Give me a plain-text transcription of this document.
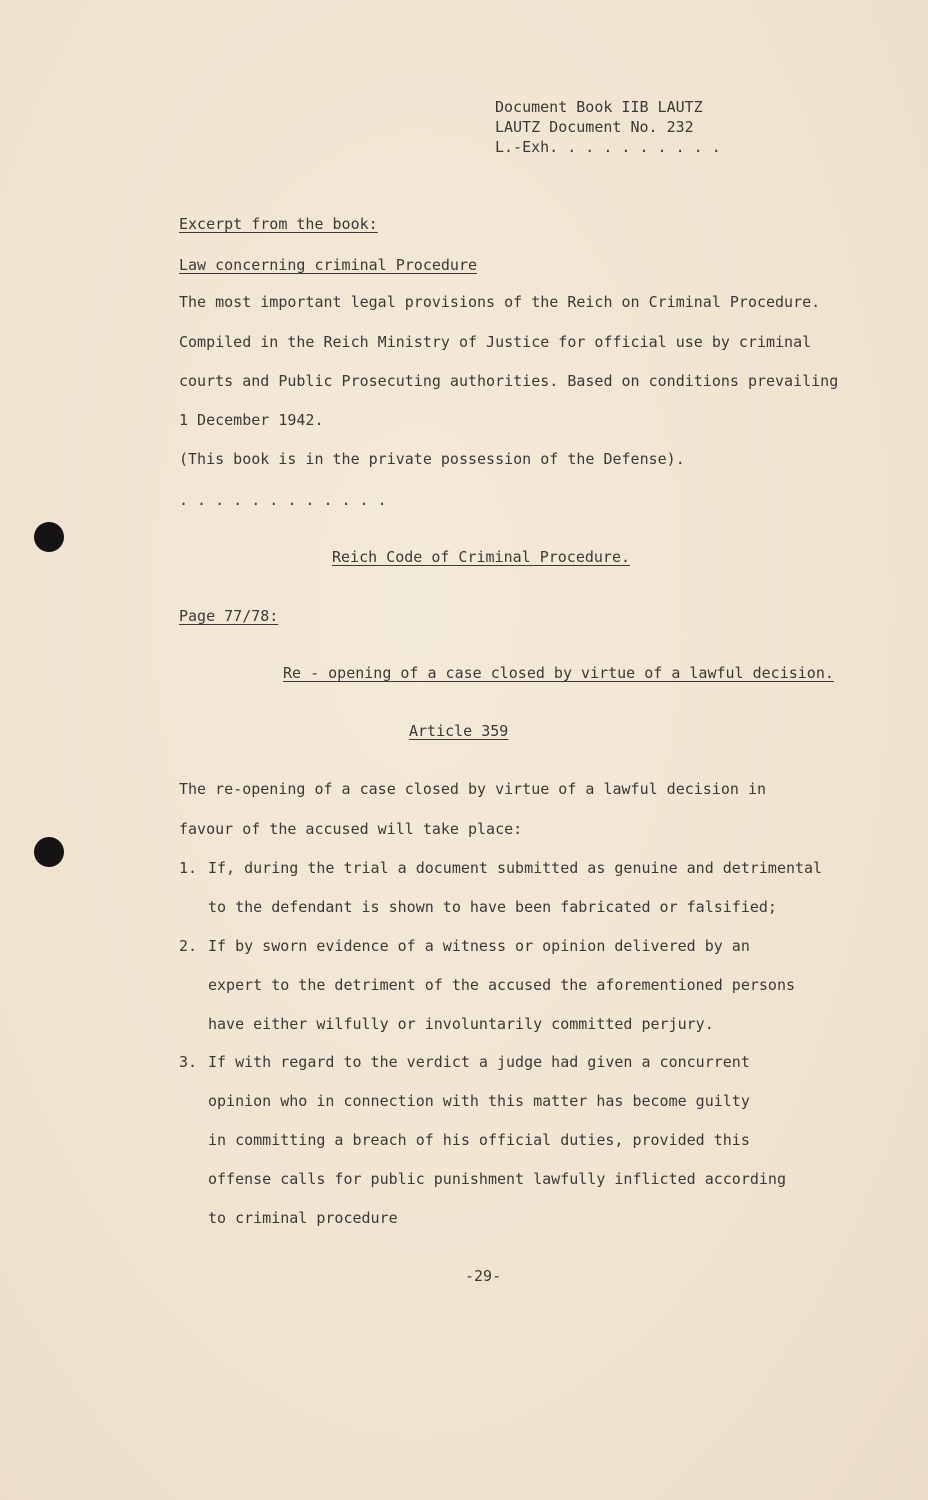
Document Book IIB LAUTZ
LAUTZ Document No. 232
L.-Exh. . . . . . . . . .
Excerpt from the book:
Law concerning criminal Procedure
The most important legal provisions of the Reich on Criminal Procedure.
Compiled in the Reich Ministry of Justice for official use by criminal
courts and Public Prosecuting authorities. Based on conditions prevailing
1 December 1942.
(This book is in the private possession of the Defense).
. . . . . . . . . . . .
Reich Code of Criminal Procedure.
Page 77/78:
Re - opening of a case closed by virtue of a lawful decision.
Article 359
The re-opening of a case closed by virtue of a lawful decision in
favour of the accused will take place:
1. If, during the trial a document submitted as genuine and detrimental
to the defendant is shown to have been fabricated or falsified;
2. If by sworn evidence of a witness or opinion delivered by an
expert to the detriment of the accused the aforementioned persons
have either wilfully or involuntarily committed perjury.
3. If with regard to the verdict a judge had given a concurrent
opinion who in connection with this matter has become guilty
in committing a breach of his official duties, provided this
offense calls for public punishment lawfully inflicted according
to criminal procedure
-29-
